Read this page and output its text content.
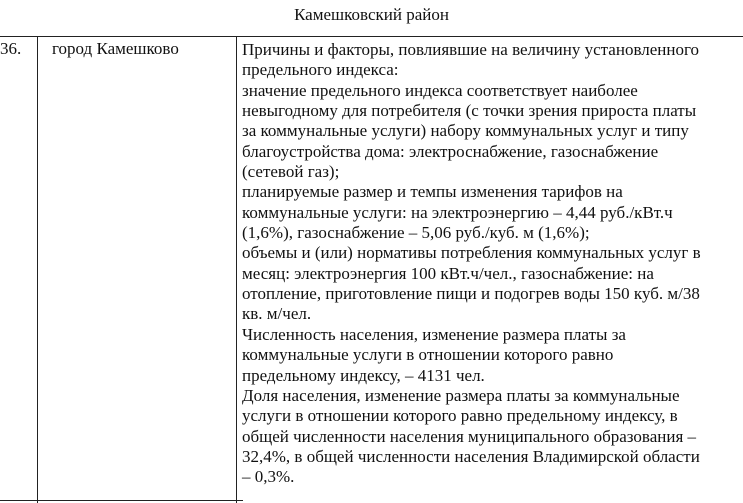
Камешковский район
36. город Камешково	Причины и факторы, повлиявшие на величину установленного

предельного индекса:

значение предельного индекса соответствует наиболее

невыгодному для потребителя (с точки зрения прироста платы

за коммунальные услуги) набору коммунальных услуг и типу

благоустройства дома: электроснабжение, газоснабжение

(сетевой газ);

планируемые размер и темпы изменения тарифов на

коммунальные услуги: на электроэнергию – 4,44 руб./кВт.ч

(1,6%), газоснабжение – 5,06 руб./куб. м (1,6%);

объемы и (или) нормативы потребления коммунальных услуг в

месяц: электроэнергия 100 кВт.ч/чел., газоснабжение: на

отопление, приготовление пищи и подогрев воды 150 куб. м/38

кв. м/чел.

Численность населения, изменение размера платы за

коммунальные услуги в отношении которого равно

предельному индексу, – 4131 чел.

Доля населения, изменение размера платы за коммунальные

услуги в отношении которого равно предельному индексу, в

общей численности населения муниципального образования –

32,4%, в общей численности населения Владимирской области

– 0,3%.
